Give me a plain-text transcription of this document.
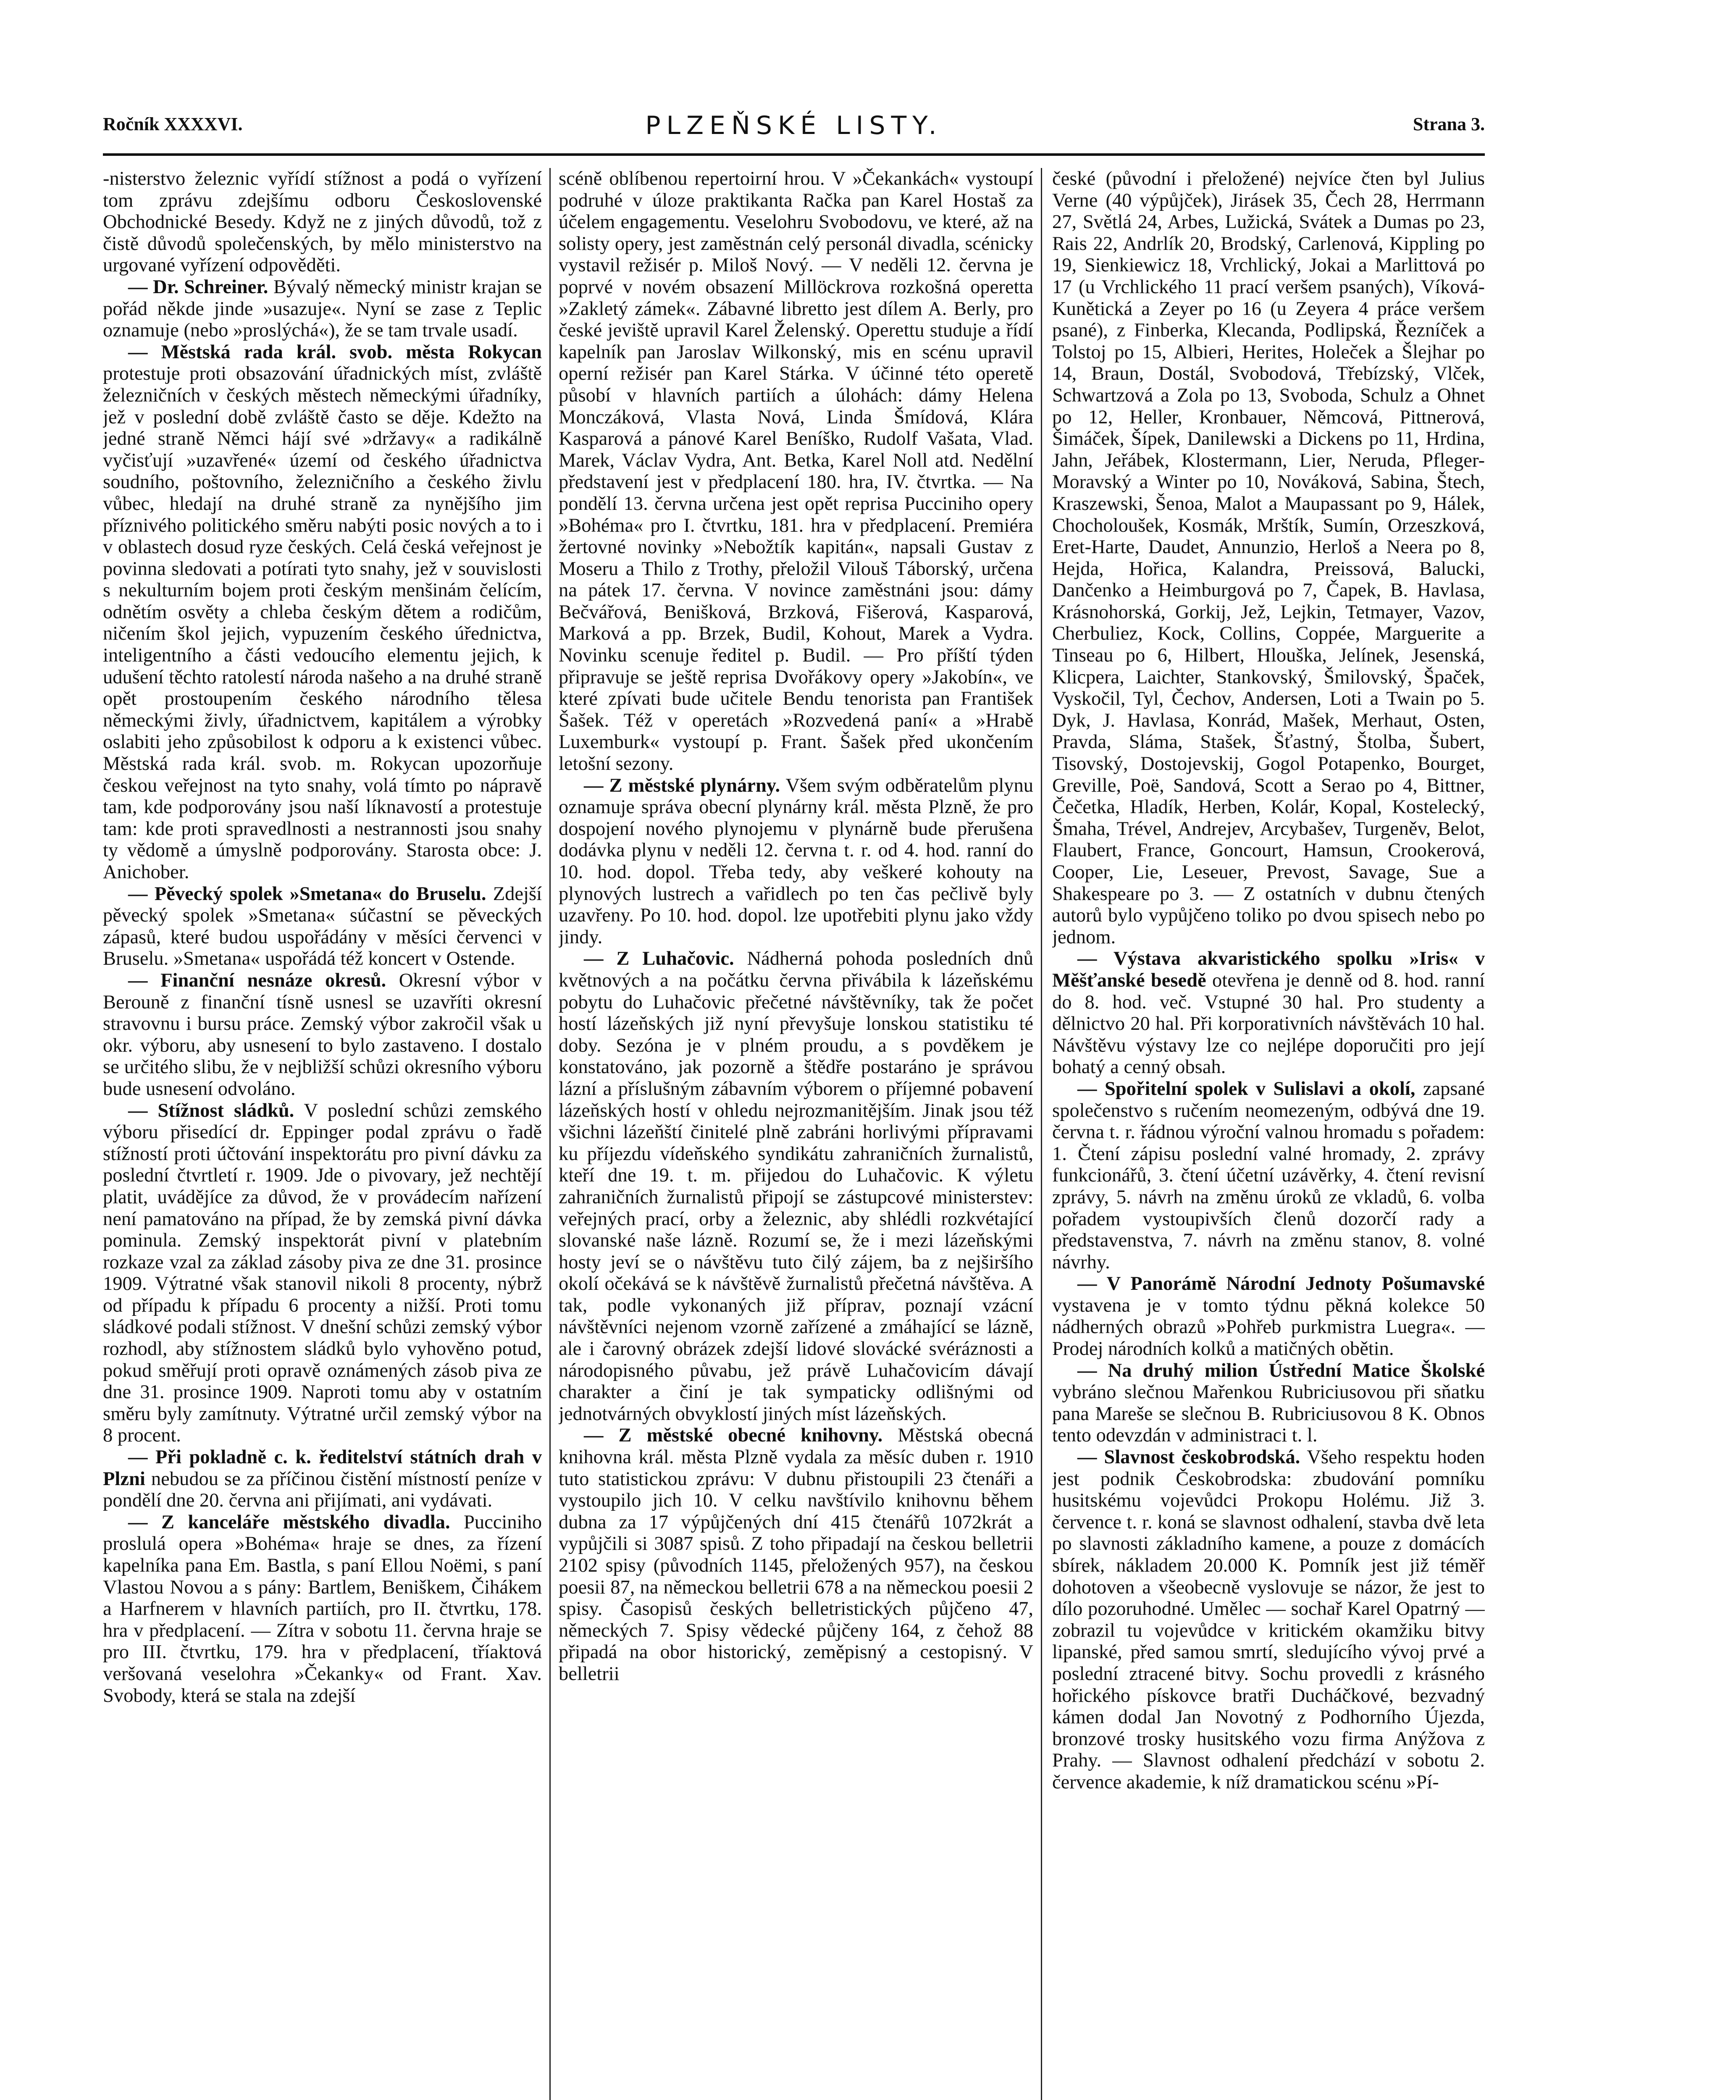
Ročník XXXXVI.	PLZEŇSKÉ LISTY.	Strana 3.

-nisterstvo železnic vyřídí stížnost a podá o vyřízení tom zprávu zdejšímu odboru Československé Obchodnické Besedy. Když ne z jiných důvodů, tož z čistě důvodů společenských, by mělo ministerstvo na urgované vyřízení odpověděti.

— Dr. Schreiner. Bývalý německý ministr krajan se pořád někde jinde »usazuje«. Nyní se zase z Teplic oznamuje (nebo »proslýchá«), že se tam trvale usadí.

— Městská rada král. svob. města Rokycan protestuje proti obsazování úřadnických míst, zvláště železničních v českých městech německými úřadníky, jež v poslední době zvláště často se děje. Kdežto na jedné straně Němci hájí své »državy« a radikálně vyčisťují »uzavřené« území od českého úřadnictva soudního, poštovního, železničního a českého živlu vůbec, hledají na druhé straně za nynějšího jim příznivého politického směru nabýti posic nových a to i v oblastech dosud ryze českých. Celá česká veřejnost je povinna sledovati a potírati tyto snahy, jež v souvislosti s nekulturním bojem proti českým menšinám čelícím, odnětím osvěty a chleba českým dětem a rodičům, ničením škol jejich, vypuzením českého úřednictva, inteligentního a části vedoucího elementu jejich, k udušení těchto ratolestí národa našeho a na druhé straně opět prostoupením českého národního tělesa německými živly, úřadnictvem, kapitálem a výrobky oslabiti jeho způsobilost k odporu a k existenci vůbec. Městská rada král. svob. m. Rokycan upozorňuje českou veřejnost na tyto snahy, volá tímto po nápravě tam, kde podporovány jsou naší líknavostí a protestuje tam: kde proti spravedlnosti a nestrannosti jsou snahy ty vědomě a úmyslně podporovány. Starosta obce: J. Anichober.

— Pěvecký spolek »Smetana« do Bruselu. Zdejší pěvecký spolek »Smetana« súčastní se pěveckých zápasů, které budou uspořádány v měsíci červenci v Bruselu. »Smetana« uspořádá též koncert v Ostende.

— Finanční nesnáze okresů. Okresní výbor v Berouně z finanční tísně usnesl se uzavříti okresní stravovnu i bursu práce. Zemský výbor zakročil však u okr. výboru, aby usnesení to bylo zastaveno. I dostalo se určitého slibu, že v nejbližší schůzi okresního výboru bude usnesení odvoláno.

— Stížnost sládků. V poslední schůzi zemského výboru přisedící dr. Eppinger podal zprávu o řadě stížností proti účtování inspektorátu pro pivní dávku za poslední čtvrtletí r. 1909. Jde o pivovary, jež nechtějí platit, uvádějíce za důvod, že v provádecím nařízení není pamatováno na případ, že by zemská pivní dávka pominula. Zemský inspektorát pivní v platebním rozkaze vzal za základ zásoby piva ze dne 31. prosince 1909. Výtratné však stanovil nikoli 8 procenty, nýbrž od případu k případu 6 procenty a nižší. Proti tomu sládkové podali stížnost. V dnešní schůzi zemský výbor rozhodl, aby stížnostem sládků bylo vyhověno potud, pokud směřují proti opravě oznámených zásob piva ze dne 31. prosince 1909. Naproti tomu aby v ostatním směru byly zamítnuty. Výtratné určil zemský výbor na 8 procent.

— Při pokladně c. k. ředitelství státních drah v Plzni nebudou se za příčinou čistění místností peníze v pondělí dne 20. června ani přijímati, ani vydávati.

— Z kanceláře městského divadla. Pucciniho proslulá opera »Bohéma« hraje se dnes, za řízení kapelníka pana Em. Bastla, s paní Ellou Noëmi, s paní Vlastou Novou a s pány: Bartlem, Beniškem, Čihákem a Harfnerem v hlavních partiích, pro II. čtvrtku, 178. hra v předplacení. — Zítra v sobotu 11. června hraje se pro III. čtvrtku, 179. hra v předplacení, tříaktová veršovaná veselohra »Čekanky« od Frant. Xav. Svobody, která se stala na zdejší

scéně oblíbenou repertoirní hrou. V »Čekankách« vystoupí podruhé v úloze praktikanta Račka pan Karel Hostaš za účelem engagementu. Veselohru Svobodovu, ve které, až na solisty opery, jest zaměstnán celý personál divadla, scénicky vystavil režisér p. Miloš Nový. — V neděli 12. června je poprvé v novém obsazení Millöckrova rozkošná operetta »Zakletý zámek«. Zábavné libretto jest dílem A. Berly, pro české jeviště upravil Karel Želenský. Operettu studuje a řídí kapelník pan Jaroslav Wilkonský, mis en scénu upravil operní režisér pan Karel Stárka. V účinné této operetě působí v hlavních partiích a úlohách: dámy Helena Monczáková, Vlasta Nová, Linda Šmídová, Klára Kasparová a pánové Karel Beníško, Rudolf Vašata, Vlad. Marek, Václav Vydra, Ant. Betka, Karel Noll atd. Nedělní představení jest v předplacení 180. hra, IV. čtvrtka. — Na pondělí 13. června určena jest opět reprisa Pucciniho opery »Bohéma« pro I. čtvrtku, 181. hra v předplacení. Premiéra žertovné novinky »Nebožtík kapitán«, napsali Gustav z Moseru a Thilo z Trothy, přeložil Vilouš Táborský, určena na pátek 17. června. V novince zaměstnáni jsou: dámy Bečvářová, Benišková, Brzková, Fišerová, Kasparová, Marková a pp. Brzek, Budil, Kohout, Marek a Vydra. Novinku scenuje ředitel p. Budil. — Pro příští týden připravuje se ještě reprisa Dvořákovy opery »Jakobín«, ve které zpívati bude učitele Bendu tenorista pan František Šašek. Též v operetách »Rozvedená paní« a »Hrabě Luxemburk« vystoupí p. Frant. Šašek před ukončením letošní sezony.

— Z městské plynárny. Všem svým odběratelům plynu oznamuje správa obecní plynárny král. města Plzně, že pro dospojení nového plynojemu v plynárně bude přerušena dodávka plynu v neděli 12. června t. r. od 4. hod. ranní do 10. hod. dopol. Třeba tedy, aby veškeré kohouty na plynových lustrech a vařidlech po ten čas pečlivě byly uzavřeny. Po 10. hod. dopol. lze upotřebiti plynu jako vždy jindy.

— Z Luhačovic. Nádherná pohoda posledních dnů květnových a na počátku června přivábila k lázeňskému pobytu do Luhačovic přečetné návštěvníky, tak že počet hostí lázeňských již nyní převyšuje lonskou statistiku té doby. Sezóna je v plném proudu, a s povděkem je konstatováno, jak pozorně a štědře postaráno je správou lázní a příslušným zábavním výborem o příjemné pobavení lázeňských hostí v ohledu nejrozmanitějším. Jinak jsou též všichni lázeňští činitelé plně zabráni horlivými přípravami ku příjezdu vídeňského syndikátu zahraničních žurnalistů, kteří dne 19. t. m. přijedou do Luhačovic. K výletu zahraničních žurnalistů připojí se zástupcové ministerstev: veřejných prací, orby a železnic, aby shlédli rozkvétající slovanské naše lázně. Rozumí se, že i mezi lázeňskými hosty jeví se o návštěvu tuto čilý zájem, ba z nejširšího okolí očekává se k návštěvě žurnalistů přečetná návštěva. A tak, podle vykonaných již příprav, poznají vzácní návštěvníci nejenom vzorně zařízené a zmáhající se lázně, ale i čarovný obrázek zdejší lidové slovácké svéráznosti a národopisného půvabu, jež právě Luhačovicím dávají charakter a činí je tak sympaticky odlišnými od jednotvárných obvyklostí jiných míst lázeňských.

— Z městské obecné knihovny. Městská obecná knihovna král. města Plzně vydala za měsíc duben r. 1910 tuto statistickou zprávu: V dubnu přistoupili 23 čtenáři a vystoupilo jich 10. V celku navštívilo knihovnu během dubna za 17 výpůjčených dní 415 čtenářů 1072krát a vypůjčili si 3087 spisů. Z toho připadají na českou belletrii 2102 spisy (původních 1145, přeložených 957), na českou poesii 87, na německou belletrii 678 a na německou poesii 2 spisy. Časopisů českých belletristických půjčeno 47, německých 7. Spisy vědecké půjčeny 164, z čehož 88 připadá na obor historický, zeměpisný a cestopisný. V belletrii

české (původní i přeložené) nejvíce čten byl Julius Verne (40 výpůjček), Jirásek 35, Čech 28, Herrmann 27, Světlá 24, Arbes, Lužická, Svátek a Dumas po 23, Rais 22, Andrlík 20, Brodský, Carlenová, Kippling po 19, Sienkiewicz 18, Vrchlický, Jokai a Marlittová po 17 (u Vrchlického 11 prací veršem psaných), Víková-Kunětická a Zeyer po 16 (u Zeyera 4 práce veršem psané), z Finberka, Klecanda, Podlipská, Řezníček a Tolstoj po 15, Albieri, Herites, Holeček a Šlejhar po 14, Braun, Dostál, Svobodová, Třebízský, Vlček, Schwartzová a Zola po 13, Svoboda, Schulz a Ohnet po 12, Heller, Kronbauer, Němcová, Pittnerová, Šimáček, Šípek, Danilewski a Dickens po 11, Hrdina, Jahn, Jeřábek, Klostermann, Lier, Neruda, Pfleger-Moravský a Winter po 10, Nováková, Sabina, Štech, Kraszewski, Šenoa, Malot a Maupassant po 9, Hálek, Chocholoušek, Kosmák, Mrštík, Sumín, Orzeszková, Eret-Harte, Daudet, Annunzio, Herloš a Neera po 8, Hejda, Hořica, Kalandra, Preissová, Balucki, Dančenko a Heimburgová po 7, Čapek, B. Havlasa, Krásnohorská, Gorkij, Jež, Lejkin, Tetmayer, Vazov, Cherbuliez, Kock, Collins, Coppée, Marguerite a Tinseau po 6, Hilbert, Hlouška, Jelínek, Jesenská, Klicpera, Laichter, Stankovský, Šmilovský, Špaček, Vyskočil, Tyl, Čechov, Andersen, Loti a Twain po 5. Dyk, J. Havlasa, Konrád, Mašek, Merhaut, Osten, Pravda, Sláma, Stašek, Šťastný, Štolba, Šubert, Tisovský, Dostojevskij, Gogol Potapenko, Bourget, Greville, Poë, Sandová, Scott a Serao po 4, Bittner, Čečetka, Hladík, Herben, Kolár, Kopal, Kostelecký, Šmaha, Trével, Andrejev, Arcybašev, Turgeněv, Belot, Flaubert, France, Goncourt, Hamsun, Crookerová, Cooper, Lie, Leseuer, Prevost, Savage, Sue a Shakespeare po 3. — Z ostatních v dubnu čtených autorů bylo vypůjčeno toliko po dvou spisech nebo po jednom.

— Výstava akvaristického spolku »Iris« v Měšťanské besedě otevřena je denně od 8. hod. ranní do 8. hod. več. Vstupné 30 hal. Pro studenty a dělnictvo 20 hal. Při korporativních návštěvách 10 hal. Návštěvu výstavy lze co nejlépe doporučiti pro její bohatý a cenný obsah.

— Spořitelní spolek v Sulislavi a okolí, zapsané společenstvo s ručením neomezeným, odbývá dne 19. června t. r. řádnou výroční valnou hromadu s pořadem: 1. Čtení zápisu poslední valné hromady, 2. zprávy funkcionářů, 3. čtení účetní uzávěrky, 4. čtení revisní zprávy, 5. návrh na změnu úroků ze vkladů, 6. volba pořadem vystoupivších členů dozorčí rady a představenstva, 7. návrh na změnu stanov, 8. volné návrhy.

— V Panorámě Národní Jednoty Pošumavské vystavena je v tomto týdnu pěkná kolekce 50 nádherných obrazů »Pohřeb purkmistra Luegra«. — Prodej národních kolků a matičných obětin.

— Na druhý milion Ústřední Matice Školské vybráno slečnou Mařenkou Rubriciusovou při sňatku pana Mareše se slečnou B. Rubriciusovou 8 K. Obnos tento odevzdán v administraci t. l.

— Slavnost českobrodská. Všeho respektu hoden jest podnik Českobrodska: zbudování pomníku husitskému vojevůdci Prokopu Holému. Již 3. července t. r. koná se slavnost odhalení, stavba dvě leta po slavnosti základního kamene, a pouze z domácích sbírek, nákladem 20.000 K. Pomník jest již téměř dohotoven a všeobecně vyslovuje se názor, že jest to dílo pozoruhodné. Umělec — sochař Karel Opatrný — zobrazil tu vojevůdce v kritickém okamžiku bitvy lipanské, před samou smrtí, sledujícího vývoj prvé a poslední ztracené bitvy. Sochu provedli z krásného hořického pískovce bratři Ducháčkové, bezvadný kámen dodal Jan Novotný z Podhorního Újezda, bronzové trosky husitského vozu firma Anýžova z Prahy. — Slavnost odhalení předchází v sobotu 2. července akademie, k níž dramatickou scénu »Pí-
